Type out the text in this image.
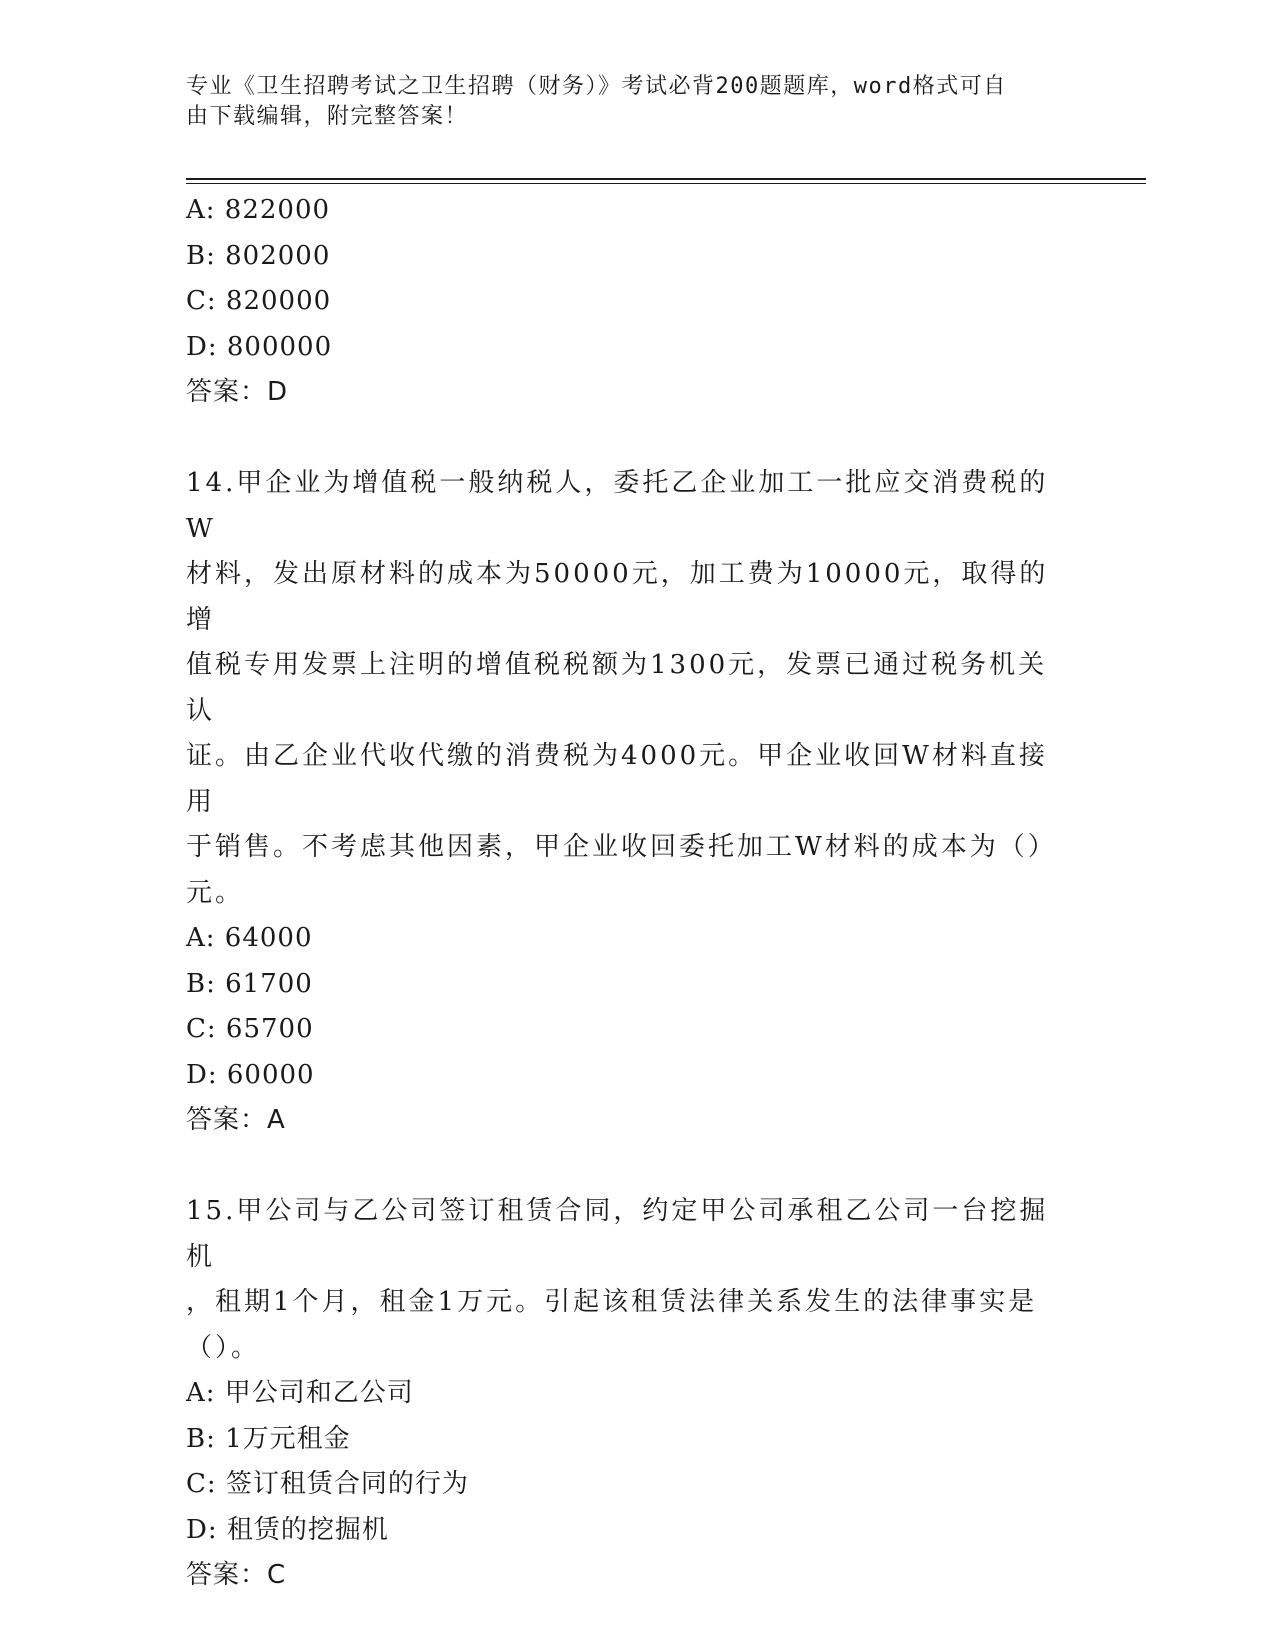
专业《卫生招聘考试之卫生招聘（财务）》考试必背200题题库，word格式可自
由下载编辑，附完整答案！
A: 822000
B: 802000
C: 820000
D: 800000
答案：D
14.甲企业为增值税一般纳税人，委托乙企业加工一批应交消费税的W
材料，发出原材料的成本为50000元，加工费为10000元，取得的增
值税专用发票上注明的增值税税额为1300元，发票已通过税务机关认
证。由乙企业代收代缴的消费税为4000元。甲企业收回W材料直接用
于销售。不考虑其他因素，甲企业收回委托加工W材料的成本为（）
元。
A: 64000
B: 61700
C: 65700
D: 60000
答案：A
15.甲公司与乙公司签订租赁合同，约定甲公司承租乙公司一台挖掘机
，租期1个月，租金1万元。引起该租赁法律关系发生的法律事实是
（）。
A: 甲公司和乙公司
B: 1万元租金
C: 签订租赁合同的行为
D: 租赁的挖掘机
答案：C
